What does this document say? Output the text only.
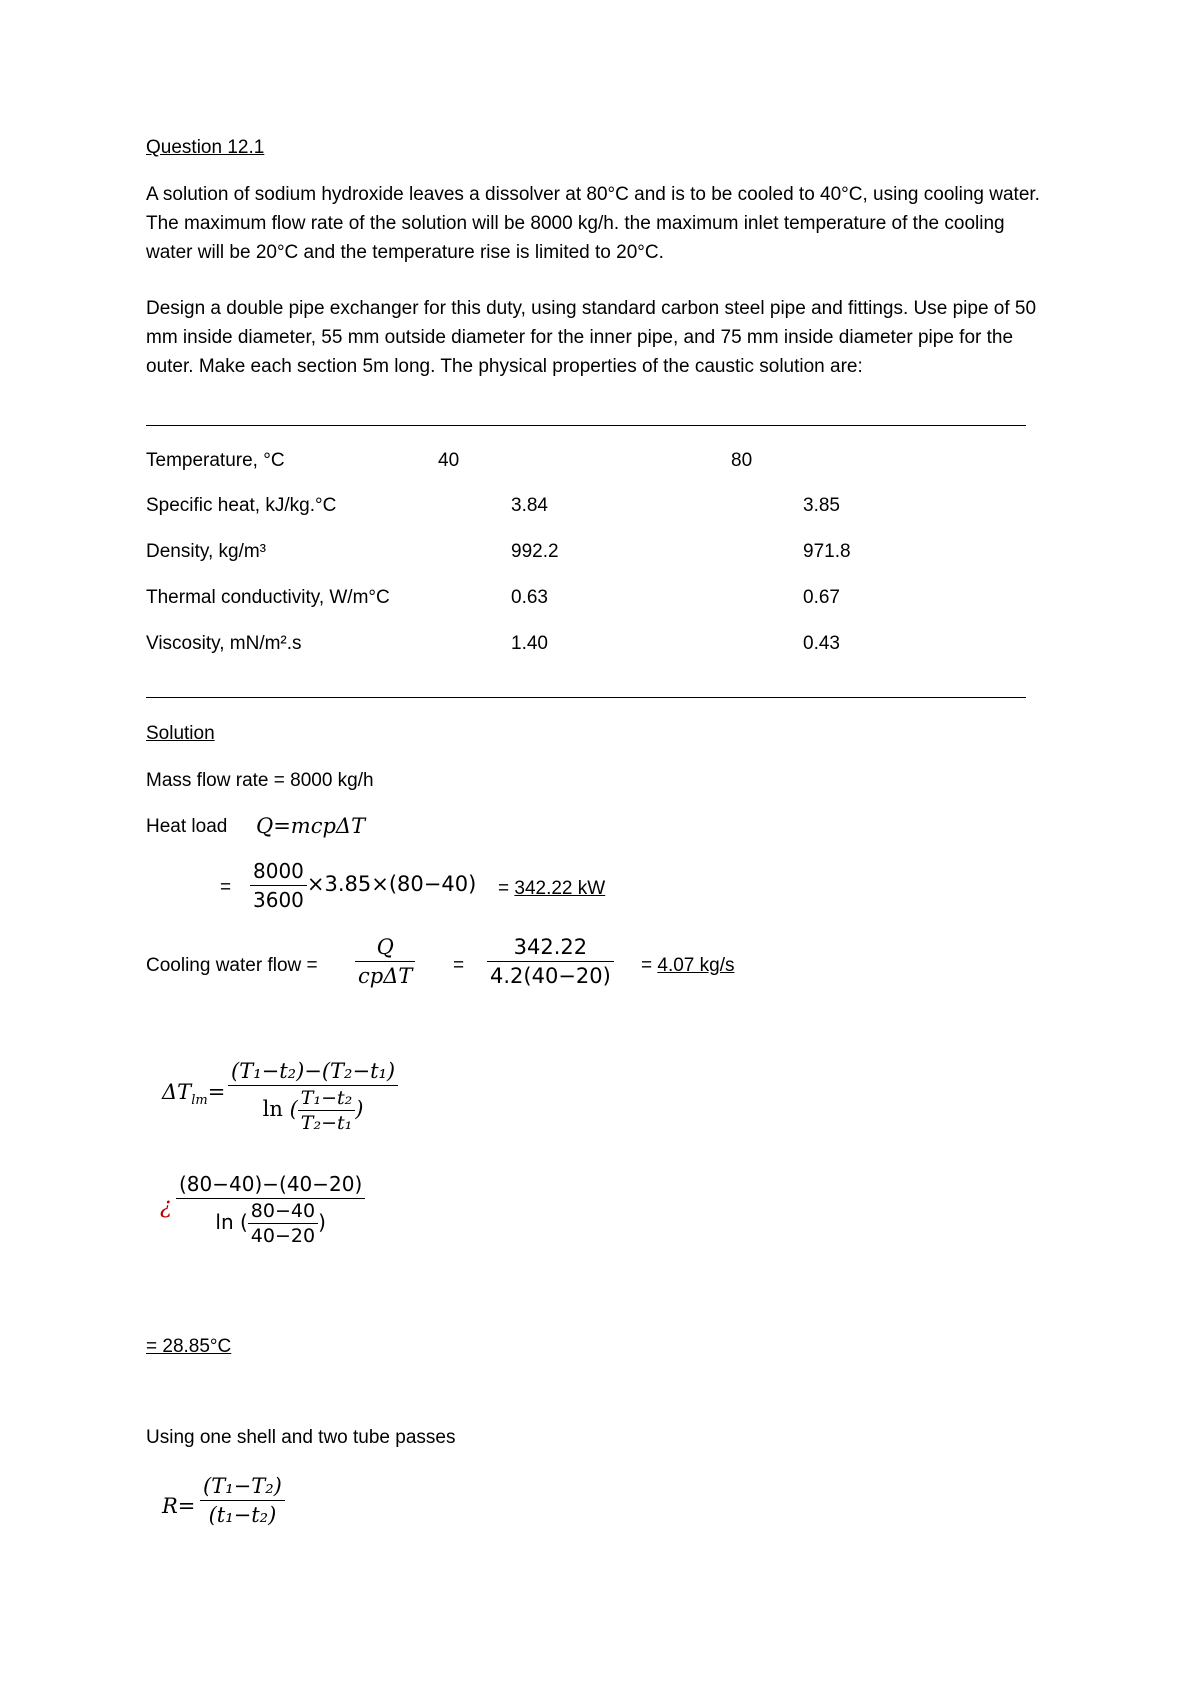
Question 12.1
A solution of sodium hydroxide leaves a dissolver at 80°C and is to be cooled to 40°C, using cooling water. The maximum flow rate of the solution will be 8000 kg/h. the maximum inlet temperature of the cooling water will be 20°C and the temperature rise is limited to 20°C.
Design a double pipe exchanger for this duty, using standard carbon steel pipe and fittings. Use pipe of 50 mm inside diameter, 55 mm outside diameter for the inner pipe, and 75 mm inside diameter pipe for the outer. Make each section 5m long. The physical properties of the caustic solution are:
Temperature, °C	40	80
Specific heat, kJ/kg.°C	3.84	3.85
Density, kg/m³	992.2	971.8
Thermal conductivity, W/m°C	0.63	0.67
Viscosity, mN/m².s	1.40	0.43
Solution
Mass flow rate = 8000 kg/h
Heat load Q=mcpΔT
= $\frac{8000}{3600} \times 3.85\times(80-40) = 342.22$ kW
Cooling water flow = $\frac{Q}{\text{cpΔT}} = \frac{342.22}{4.2(40-20)} = 4.07$ kg/s
$\Delta T_{lm}= \frac{\text{(T₁−t₂)−(T₂−t₁)}}{\ln ( \frac{\text{T₁−t₂}}{\text{T₂−t₁}} )}$
¿ $\frac{(80-40)-(40-20)}{\ln ( \frac{80-40}{40-20} )}$
= 28.85°C
Using one shell and two tube passes
$R= \frac{\text{(T₁−T₂)}}{\text{(t₁−t₂)}}$
